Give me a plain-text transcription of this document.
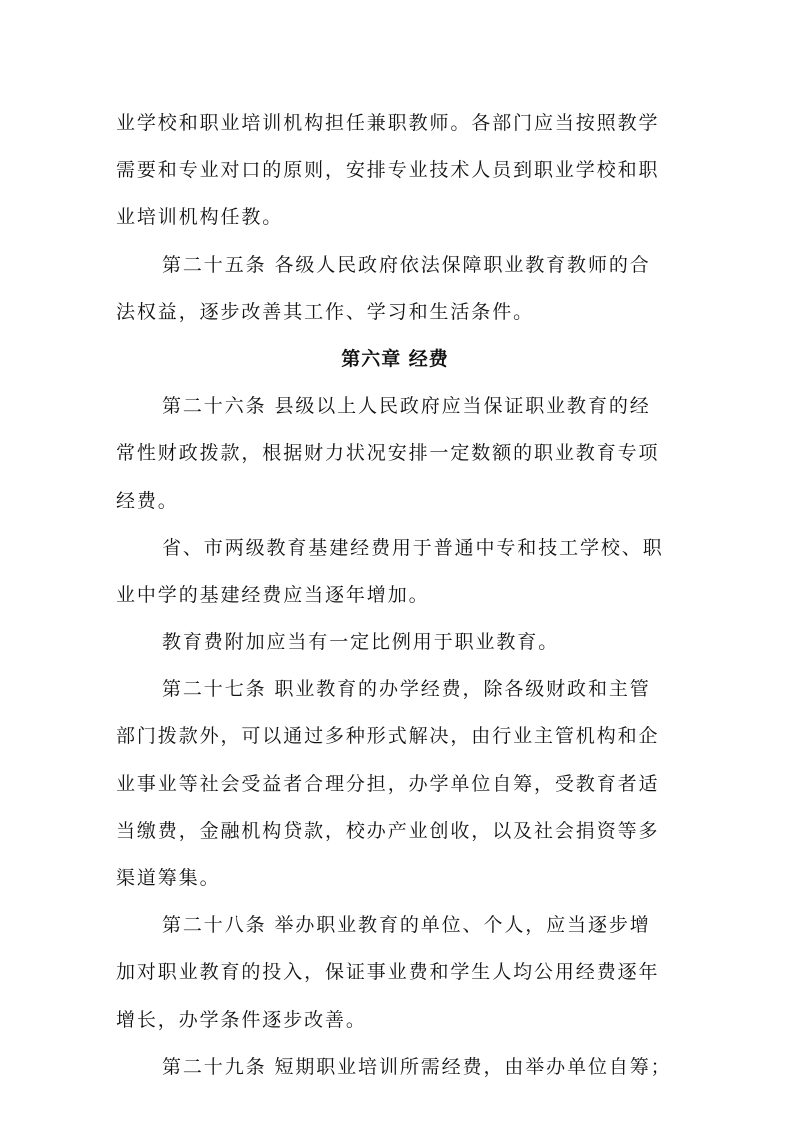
业学校和职业培训机构担任兼职教师。各部门应当按照教学
需要和专业对口的原则，安排专业技术人员到职业学校和职
业培训机构任教。
第二十五条 各级人民政府依法保障职业教育教师的合
法权益，逐步改善其工作、学习和生活条件。
第六章 经费
第二十六条 县级以上人民政府应当保证职业教育的经
常性财政拨款，根据财力状况安排一定数额的职业教育专项
经费。
省、市两级教育基建经费用于普通中专和技工学校、职
业中学的基建经费应当逐年增加。
教育费附加应当有一定比例用于职业教育。
第二十七条 职业教育的办学经费，除各级财政和主管
部门拨款外，可以通过多种形式解决，由行业主管机构和企
业事业等社会受益者合理分担，办学单位自筹，受教育者适
当缴费，金融机构贷款，校办产业创收，以及社会捐资等多
渠道筹集。
第二十八条 举办职业教育的单位、个人，应当逐步增
加对职业教育的投入，保证事业费和学生人均公用经费逐年
增长，办学条件逐步改善。
第二十九条 短期职业培训所需经费，由举办单位自筹；
